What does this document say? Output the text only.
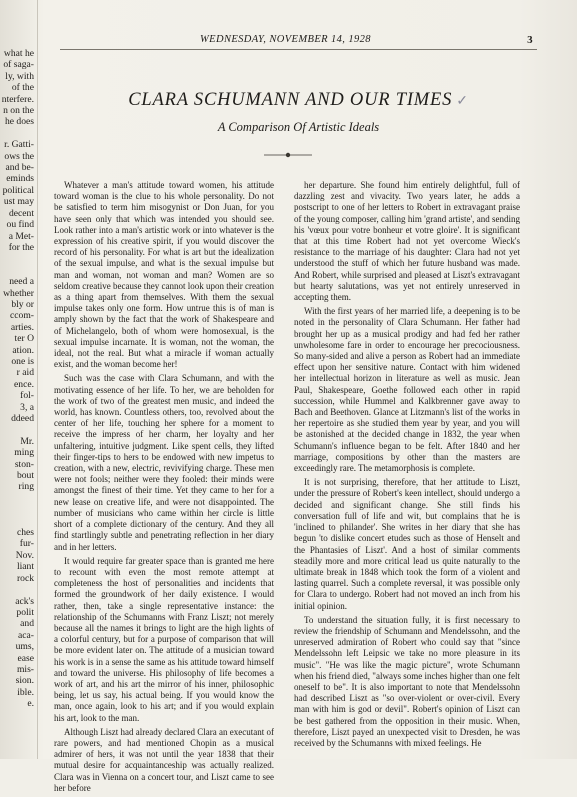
what he
of saga-
ly, with
of the
nterfere.
n on the
he does

r. Gatti-
ows the
and be-
eminds
political
ust may
decent
ou find
a Met-
for the

need a
whether
bly or
ccom-
arties.
ter O
ation.
one is
r aid
ence.
fol-
3, a
ddeed

Mr.
ming
ston-
bout
ring

ches
fur-
Nov.
liant
rock

ack's
polit
and
aca-
ums,
ease
mis-
sion.
ible.
e.
WEDNESDAY, NOVEMBER 14, 1928	3
CLARA SCHUMANN AND OUR TIMES ✓
A Comparison Of Artistic Ideals

Whatever a man's attitude toward women, his attitude toward woman is the clue to his whole personality. Do not be satisfied to term him misogynist or Don Juan, for you have seen only that which was intended you should see. Look rather into a man's artistic work or into whatever is the expression of his creative spirit, if you would discover the record of his personality. For what is art but the idealization of the sexual impulse, and what is the sexual impulse but man and woman, not woman and man? Women are so seldom creative because they cannot look upon their creation as a thing apart from themselves. With them the sexual impulse takes only one form. How untrue this is of man is amply shown by the fact that the work of Shakespeare and of Michelangelo, both of whom were homosexual, is the sexual impulse incarnate. It is woman, not the woman, the ideal, not the real. But what a miracle if woman actually exist, and the woman become her!

Such was the case with Clara Schumann, and with the motivating essence of her life. To her, we are beholden for the work of two of the greatest men music, and indeed the world, has known. Countless others, too, revolved about the center of her life, touching her sphere for a moment to receive the impress of her charm, her loyalty and her unfaltering, intuitive judgment. Like spent cells, they lifted their finger-tips to hers to be endowed with new impetus to creation, with a new, electric, revivifying charge. These men were not fools; neither were they fooled: their minds were amongst the finest of their time. Yet they came to her for a new lease on creative life, and were not disappointed. The number of musicians who came within her circle is little short of a complete dictionary of the century. And they all find startlingly subtle and penetrating reflection in her diary and in her letters.

It would require far greater space than is granted me here to recount with even the most remote attempt at completeness the host of personalities and incidents that formed the groundwork of her daily existence. I would rather, then, take a single representative instance: the relationship of the Schumanns with Franz Liszt; not merely because all the names it brings to light are the high lights of a colorful century, but for a purpose of comparison that will be more evident later on. The attitude of a musician toward his work is in a sense the same as his attitude toward himself and toward the universe. His philosophy of life becomes a work of art, and his art the mirror of his inner, philosophic being, let us say, his actual being. If you would know the man, once again, look to his art; and if you would explain his art, look to the man.

Although Liszt had already declared Clara an executant of rare powers, and had mentioned Chopin as a musical admirer of hers, it was not until the year 1838 that their mutual desire for acquaintanceship was actually realized. Clara was in Vienna on a concert tour, and Liszt came to see her before

her departure. She found him entirely delightful, full of dazzling zest and vivacity. Two years later, he adds a postscript to one of her letters to Robert in extravagant praise of the young composer, calling him 'grand artiste', and sending his 'vœux pour votre bonheur et votre gloire'. It is significant that at this time Robert had not yet overcome Wieck's resistance to the marriage of his daughter: Clara had not yet understood the stuff of which her future husband was made. And Robert, while surprised and pleased at Liszt's extravagant but hearty salutations, was yet not entirely unreserved in accepting them.

With the first years of her married life, a deepening is to be noted in the personality of Clara Schumann. Her father had brought her up as a musical prodigy and had fed her rather unwholesome fare in order to encourage her precociousness. So many-sided and alive a person as Robert had an immediate effect upon her sensitive nature. Contact with him widened her intellectual horizon in literature as well as music. Jean Paul, Shakespeare, Goethe followed each other in rapid succession, while Hummel and Kalkbrenner gave away to Bach and Beethoven. Glance at Litzmann's list of the works in her repertoire as she studied them year by year, and you will be astonished at the decided change in 1832, the year when Schumann's influence began to be felt. After 1840 and her marriage, compositions by other than the masters are exceedingly rare. The metamorphosis is complete.

It is not surprising, therefore, that her attitude to Liszt, under the pressure of Robert's keen intellect, should undergo a decided and significant change. She still finds his conversation full of life and wit, but complains that he is 'inclined to philander'. She writes in her diary that she has begun 'to dislike concert etudes such as those of Henselt and the Phantasies of Liszt'. And a host of similar comments steadily more and more critical lead us quite naturally to the ultimate break in 1848 which took the form of a violent and lasting quarrel. Such a complete reversal, it was possible only for Clara to undergo. Robert had not moved an inch from his initial opinion.

To understand the situation fully, it is first necessary to review the friendship of Schumann and Mendelssohn, and the unreserved admiration of Robert who could say that "since Mendelssohn left Leipsic we take no more pleasure in its music". "He was like the magic picture", wrote Schumann when his friend died, "always some inches higher than one felt oneself to be". It is also important to note that Mendelssohn had described Liszt as "so over-violent or over-civil. Every man with him is god or devil". Robert's opinion of Liszt can be best gathered from the opposition in their music. When, therefore, Liszt payed an unexpected visit to Dresden, he was received by the Schumanns with mixed feelings. He
